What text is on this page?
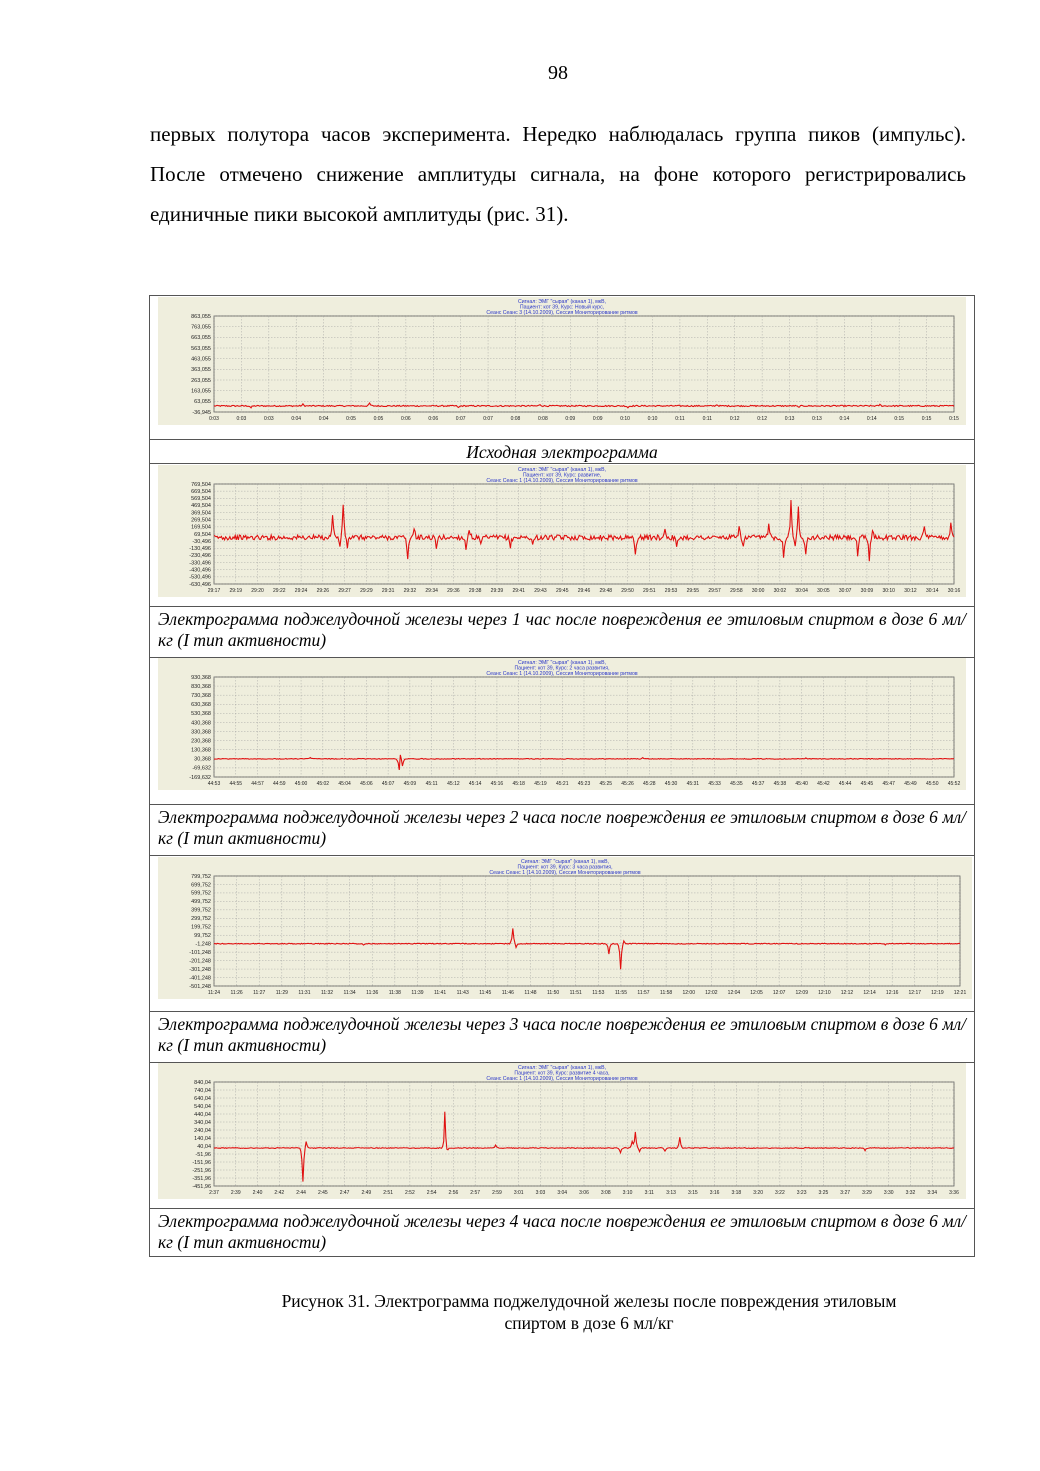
98

первых полутора часов эксперимента. Нередко наблюдалась группа пиков (импульс). После отмечено снижение амплитуды сигнала, на фоне которого регистрировались единичные пики высокой амплитуды (рис. 31).

Сигнал: ЭМГ "сырая" (канал 1), мкВ,
Пациент: кот 39, Курс: Новый курс,
Сеанс Сеанс 3 (14.10.2009), Сессия Мониторирование ритмов
863,055
763,055
663,055
563,055
463,055
363,055
263,055
163,055
63,055
-36,945
0:03	0:03	0:03	0:04	0:04	0:05	0:05	0:06	0:06	0:07	0:07	0:08	0:08	0:09	0:09	0:10	0:10	0:11	0:11	0:12	0:12	0:13	0:13	0:14	0:14	0:15	0:15	0:15
Исходная электрограмма
Сигнал: ЭМГ "сырая" (канал 1), мкВ,
Пациент: кот 39, Курс: развитие,
Сеанс Сеанс 1 (14.10.2009), Сессия Мониторирование ритмов
769,504
669,504
569,504
469,504
369,504
269,504
169,504
69,504
-30,496
-130,496
-230,496
-330,496
-430,496
-530,496
-630,496
29:17 29:19 29:20 29:22 29:24 29:26 29:27 29:29 29:31 29:32 29:34 29:36 29:38 29:39 29:41 29:43 29:45 29:46 29:48 29:50 29:51 29:53 29:55 29:57 29:58 30:00 30:02 30:04 30:05 30:07 30:09 30:10 30:12 30:14 30:16
Электрограмма поджелудочной железы через 1 час после повреждения ее этиловым спиртом в дозе 6 мл/кг (I тип активности)
Сигнал: ЭМГ "сырая" (канал 1), мкВ,
Пациент: кот 39, Курс: 2 часа развития,
Сеанс Сеанс 1 (14.10.2009), Сессия Мониторирование ритмов
930,368
830,368
730,368
630,368
530,368
430,368
330,368
230,368
130,368
30,368
-69,632
-169,632
44:53 44:55 44:57 44:59 45:00 45:02 45:04 45:06 45:07 45:09 45:11 45:12 45:14 45:16 45:18 45:19 45:21 45:23 45:25 45:26 45:28 45:30 45:31 45:33 45:35 45:37 45:38 45:40 45:42 45:44 45:45 45:47 45:49 45:50 45:52
Электрограмма поджелудочной железы через 2 часа после повреждения ее этиловым спиртом в дозе 6 мл/кг (I тип активности)
Сигнал: ЭМГ "сырая" (канал 1), мкВ,
Пациент: кот 39, Курс: 3 часа развития,
Сеанс Сеанс 1 (14.10.2009), Сессия Мониторирование ритмов
799,752
699,752
599,752
499,752
399,752
299,752
199,752
99,752
-1,248
-101,248
-201,248
-301,248
-401,248
-501,248
11:24 11:26 11:27 11:29 11:31 11:32 11:34 11:36 11:38 11:39 11:41 11:43 11:45 11:46 11:48 11:50 11:51 11:53 11:55 11:57 11:58 12:00 12:02 12:04 12:05 12:07 12:09 12:10 12:12 12:14 12:16 12:17 12:19 12:21
Электрограмма поджелудочной железы через 3 часа после повреждения ее этиловым спиртом в дозе 6 мл/кг (I тип активности)
Сигнал: ЭМГ "сырая" (канал 1), мкВ,
Пациент: кот 39, Курс: развитие 4 часа,
Сеанс Сеанс 1 (14.10.2009), Сессия Мониторирование ритмов
840,04
740,04
640,04
540,04
440,04
340,04
240,04
140,04
40,04
-51,96
-151,96
-251,96
-351,96
-451,96
2:37 2:39 2:40 2:42 2:44 2:45 2:47 2:49 2:51 2:52 2:54 2:56 2:57 2:59 3:01 3:03 3:04 3:06 3:08 3:10 3:11 3:13 3:15 3:16 3:18 3:20 3:22 3:23 3:25 3:27 3:29 3:30 3:32 3:34 3:36
Электрограмма поджелудочной железы через 4 часа после повреждения ее этиловым спиртом в дозе 6 мл/кг (I тип активности)
Рисунок 31. Электрограмма поджелудочной железы после повреждения этиловым
спиртом в дозе 6 мл/кг
